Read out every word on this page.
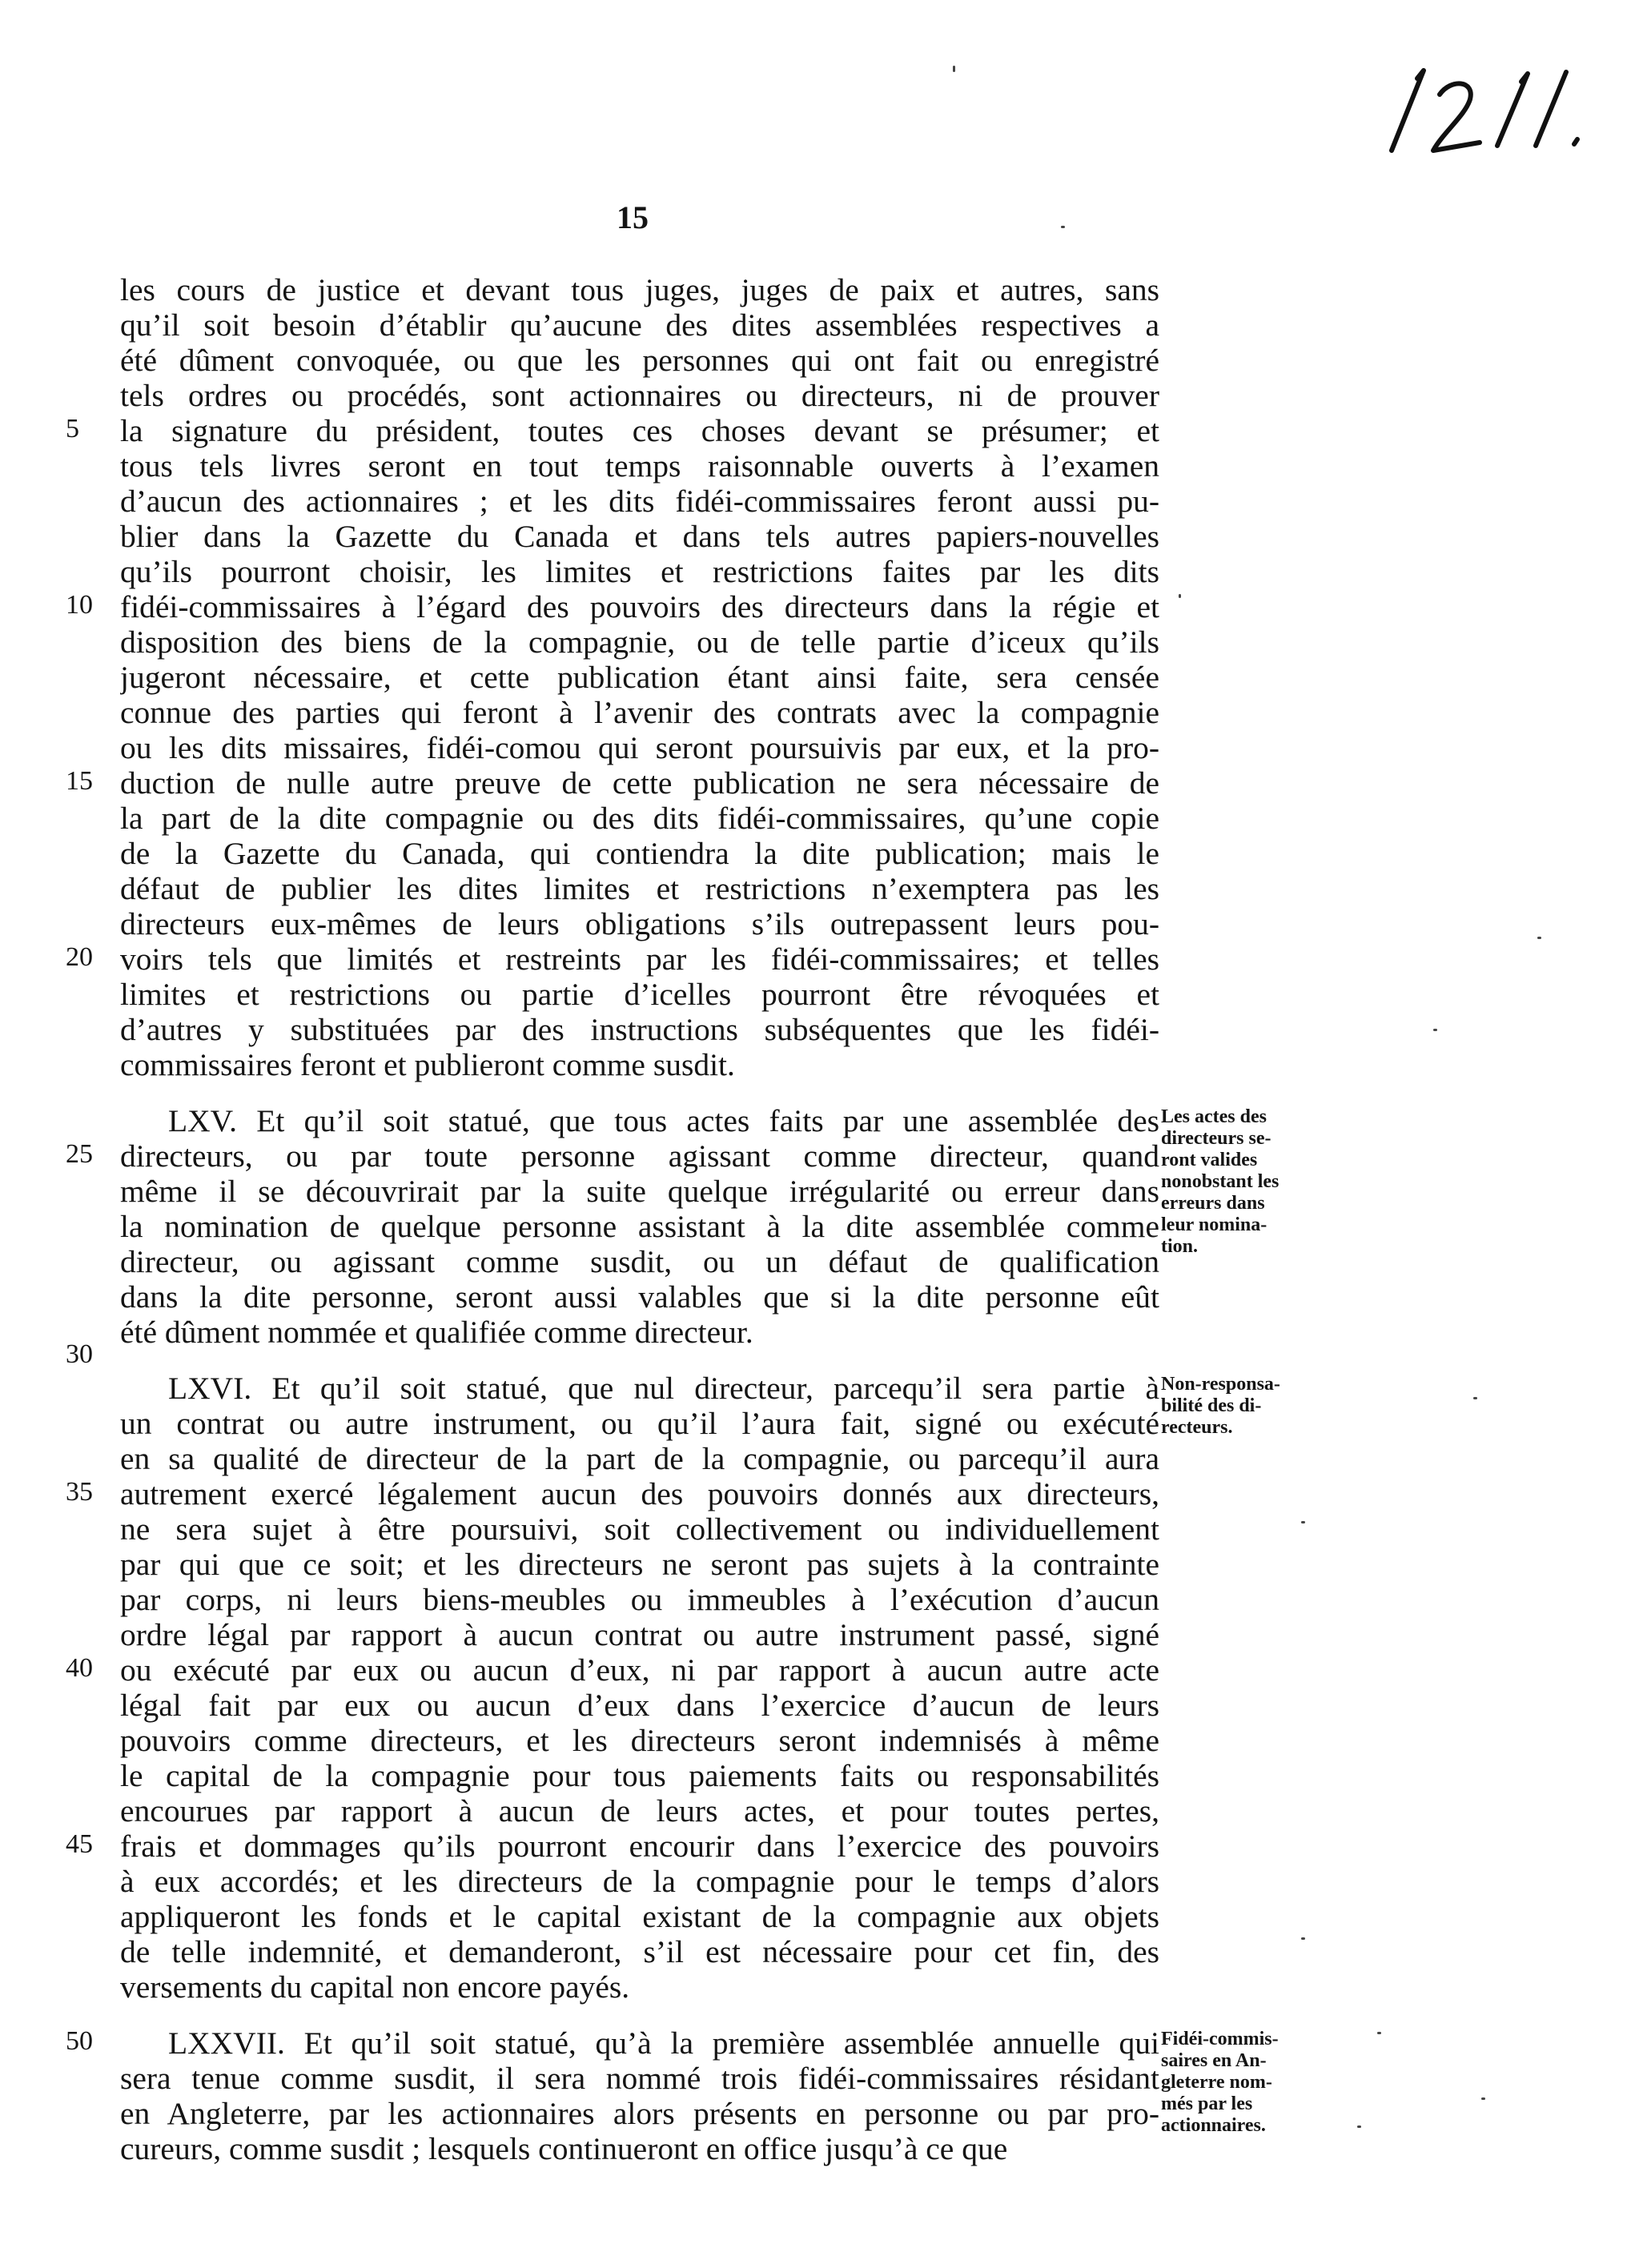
15
les cours de justice et devant tous juges, juges de paix et autres, sans
qu’il soit besoin d’établir qu’aucune des dites assemblées respectives a
été dûment convoquée, ou que les personnes qui ont fait ou enregistré
tels ordres ou procédés, sont actionnaires ou directeurs, ni de prouver
la signature du président, toutes ces choses devant se présumer; et
tous tels livres seront en tout temps raisonnable ouverts à l’examen
d’aucun des actionnaires ; et les dits fidéi-commissaires feront aussi pu-
blier dans la Gazette du Canada et dans tels autres papiers-nouvelles
qu’ils pourront choisir, les limites et restrictions faites par les dits
fidéi-commissaires à l’égard des pouvoirs des directeurs dans la régie et
disposition des biens de la compagnie, ou de telle partie d’iceux qu’ils
jugeront nécessaire, et cette publication étant ainsi faite, sera censée
connue des parties qui feront à l’avenir des contrats avec la compagnie
ou les dits missaires, fidéi-comou qui seront poursuivis par eux, et la pro-
duction de nulle autre preuve de cette publication ne sera nécessaire de
la part de la dite compagnie ou des dits fidéi-commissaires, qu’une copie
de la Gazette du Canada, qui contiendra la dite publication; mais le
défaut de publier les dites limites et restrictions n’exemptera pas les
directeurs eux-mêmes de leurs obligations s’ils outrepassent leurs pou-
voirs tels que limités et restreints par les fidéi-commissaires; et telles
limites et restrictions ou partie d’icelles pourront être révoquées et
d’autres y substituées par des instructions subséquentes que les fidéi-
commissaires feront et publieront comme susdit.
LXV. Et qu’il soit statué, que tous actes faits par une assemblée des
directeurs, ou par toute personne agissant comme directeur, quand
même il se découvrirait par la suite quelque irrégularité ou erreur dans
la nomination de quelque personne assistant à la dite assemblée comme
directeur, ou agissant comme susdit, ou un défaut de qualification
dans la dite personne, seront aussi valables que si la dite personne eût
été dûment nommée et qualifiée comme directeur.
LXVI. Et qu’il soit statué, que nul directeur, parcequ’il sera partie à
un contrat ou autre instrument, ou qu’il l’aura fait, signé ou exécuté
en sa qualité de directeur de la part de la compagnie, ou parcequ’il aura
autrement exercé légalement aucun des pouvoirs donnés aux directeurs,
ne sera sujet à être poursuivi, soit collectivement ou individuellement
par qui que ce soit; et les directeurs ne seront pas sujets à la contrainte
par corps, ni leurs biens-meubles ou immeubles à l’exécution d’aucun
ordre légal par rapport à aucun contrat ou autre instrument passé, signé
ou exécuté par eux ou aucun d’eux, ni par rapport à aucun autre acte
légal fait par eux ou aucun d’eux dans l’exercice d’aucun de leurs
pouvoirs comme directeurs, et les directeurs seront indemnisés à même
le capital de la compagnie pour tous paiements faits ou responsabilités
encourues par rapport à aucun de leurs actes, et pour toutes pertes,
frais et dommages qu’ils pourront encourir dans l’exercice des pouvoirs
à eux accordés; et les directeurs de la compagnie pour le temps d’alors
appliqueront les fonds et le capital existant de la compagnie aux objets
de telle indemnité, et demanderont, s’il est nécessaire pour cet fin, des
versements du capital non encore payés.
LXXVII. Et qu’il soit statué, qu’à la première assemblée annuelle qui
sera tenue comme susdit, il sera nommé trois fidéi-commissaires résidant
en Angleterre, par les actionnaires alors présents en personne ou par pro-
cureurs, comme susdit ; lesquels continueront en office jusqu’à ce que
5
10
15
20
25
30
35
40
45
50
Les actes des
directeurs se-
ront valides
nonobstant les
erreurs dans
leur nomina-
tion.
Non-responsa-
bilité des di-
recteurs.
Fidéi-commis-
saires en An-
gleterre nom-
més par les
actionnaires.
